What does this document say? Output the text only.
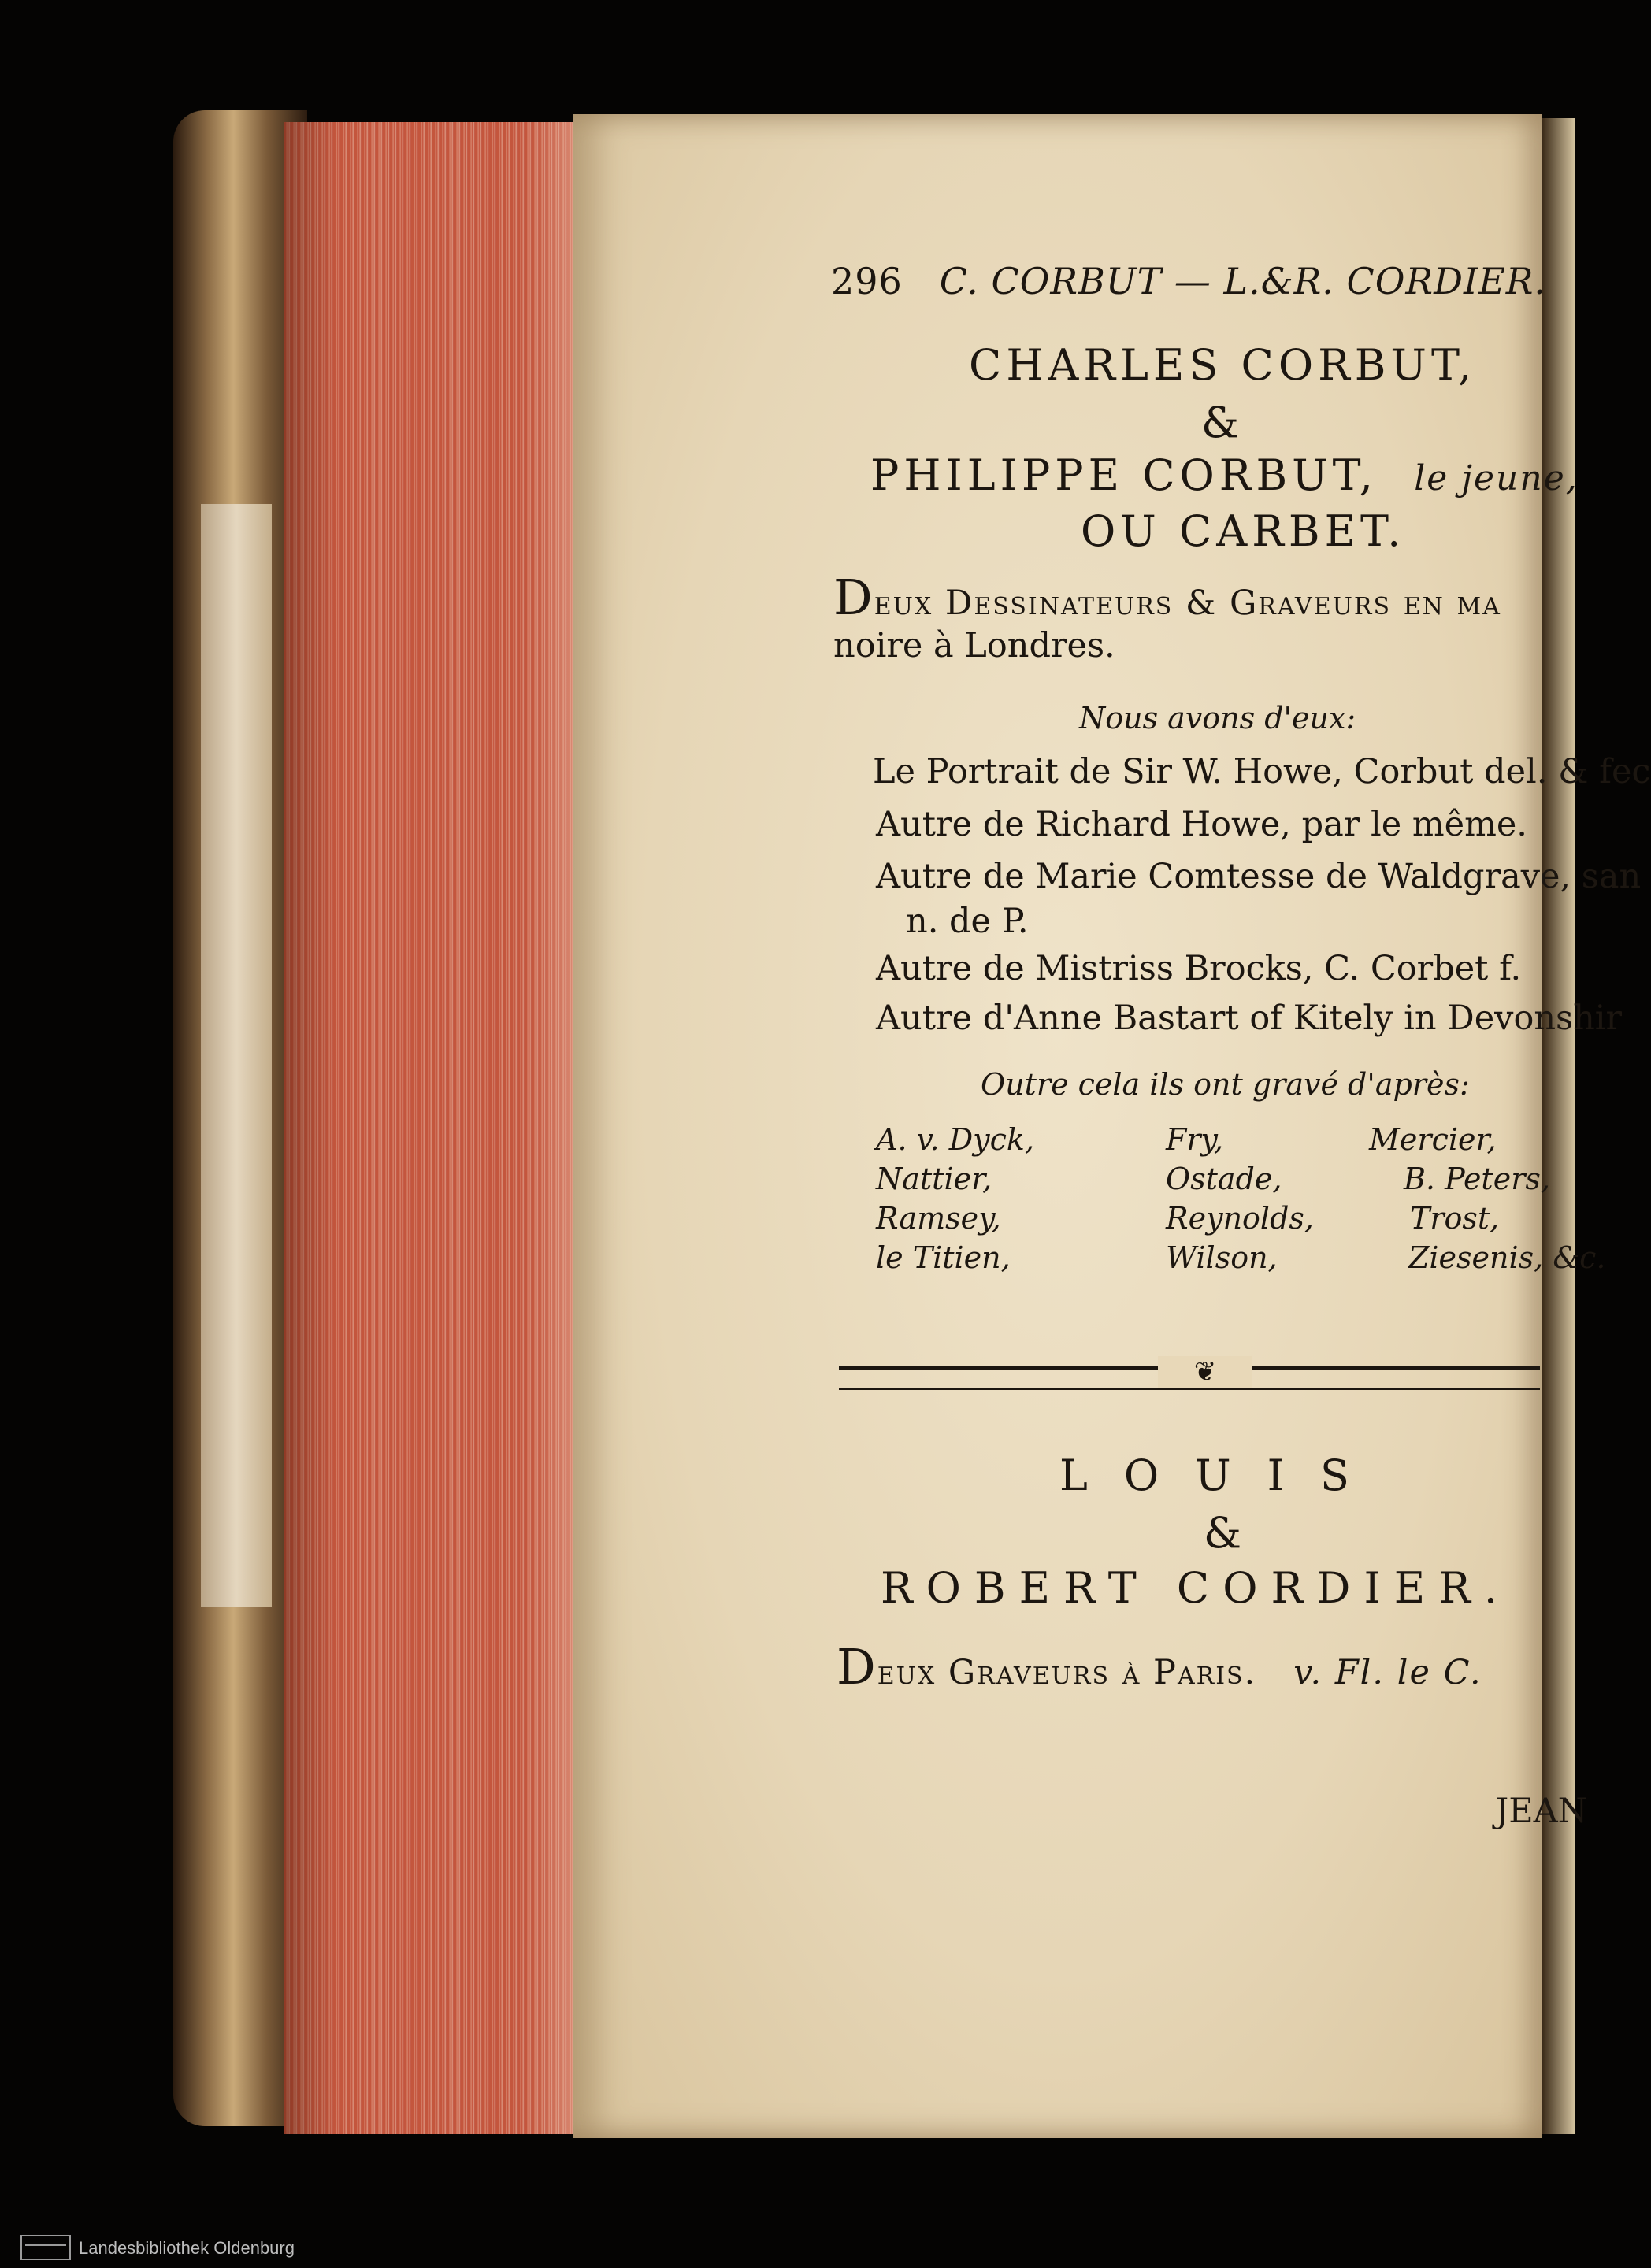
296 C. CORBUT — L.&R. CORDIER.
CHARLES CORBUT,
&
PHILIPPE CORBUT, le jeune,
OU CARBET.
Deux Dessinateurs & Graveurs en ma
noire à Londres.
Nous avons d'eux:
Le Portrait de Sir W. Howe, Corbut del. & fec
Autre de Richard Howe, par le même.
Autre de Marie Comtesse de Waldgrave, san
n. de P.
Autre de Mistriss Brocks, C. Corbet f.
Autre d'Anne Bastart of Kitely in Devonshir
Outre cela ils ont gravé d'après:
A. v. Dyck,	Fry,	Mercier,
Nattier,	Ostade,	B. Peters,
Ramsey,	Reynolds,	Trost,
le Titien,	Wilson,	Ziesenis, &c.
❦
LOUIS
&
ROBERT CORDIER.
Deux Graveurs à Paris. v. Fl. le C.
JEAN
Landesbibliothek Oldenburg
